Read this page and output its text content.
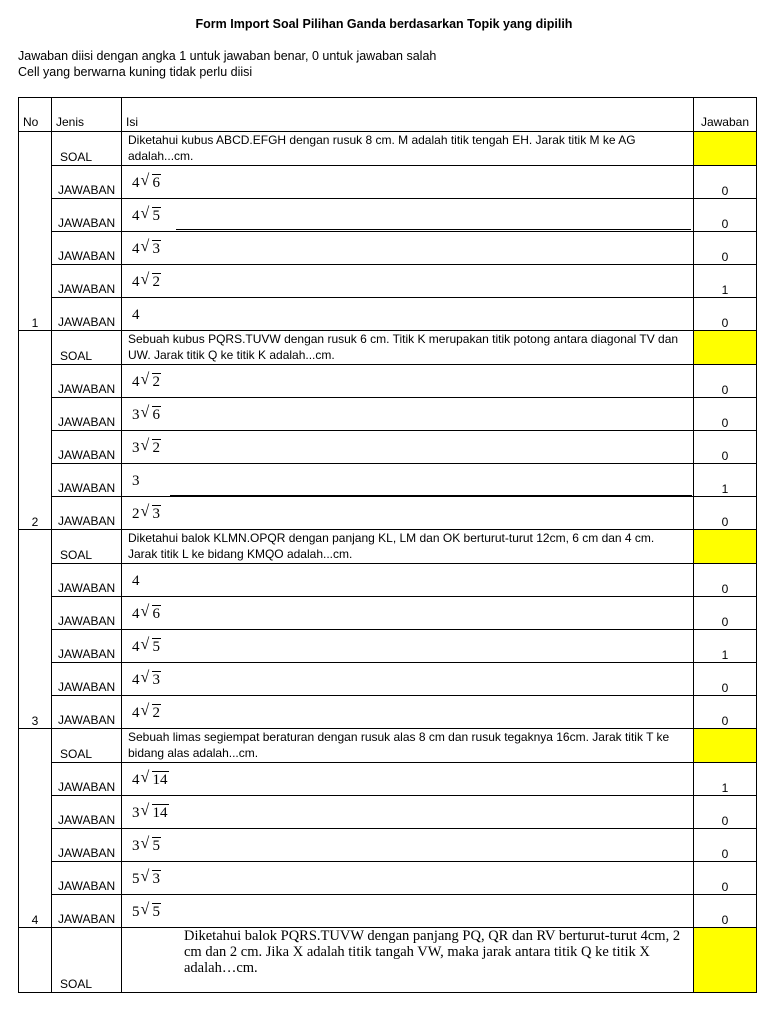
Form Import Soal Pilihan Ganda berdasarkan Topik yang dipilih
Jawaban diisi dengan angka 1 untuk jawaban benar, 0 untuk jawaban salah
Cell yang berwarna kuning tidak perlu diisi
No	Jenis	Isi	Jawaban

1	SOAL	Diketahui kubus ABCD.EFGH dengan rusuk 8 cm. M adalah titik tengah EH. Jarak titik M ke AG adalah...cm.	

	JAWABAN	4 √ 6	0

	JAWABAN	4 √ 5	0

	JAWABAN	4 √ 3	0

	JAWABAN	4 √ 2	1

	JAWABAN	4	0
2	SOAL	Sebuah kubus PQRS.TUVW dengan rusuk 6 cm. Titik K merupakan titik potong antara diagonal TV dan UW. Jarak titik Q ke titik K adalah...cm.	

	JAWABAN	4 √ 2	0

	JAWABAN	3 √ 6	0

	JAWABAN	3 √ 2	0

	JAWABAN	3	1

	JAWABAN	2 √ 3	0
3	SOAL	Diketahui balok KLMN.OPQR dengan panjang KL, LM dan OK berturut-turut 12cm, 6 cm dan 4 cm. Jarak titik L ke bidang KMQO adalah...cm.	

	JAWABAN	4	0

	JAWABAN	4 √ 6	0

	JAWABAN	4 √ 5	1

	JAWABAN	4 √ 3	0

	JAWABAN	4 √ 2	0
4	SOAL	Sebuah limas segiempat beraturan dengan rusuk alas 8 cm dan rusuk tegaknya 16cm. Jarak titik T ke bidang alas adalah...cm.	

	JAWABAN	4 √ 14	1

	JAWABAN	3 √ 14	0

	JAWABAN	3 √ 5	0

	JAWABAN	5 √ 3	0

	JAWABAN	5 √ 5	0

	SOAL	Diketahui balok PQRS.TUVW dengan panjang PQ, QR dan RV berturut-turut 4cm, 2 cm dan 2 cm. Jika X adalah titik tangah VW, maka jarak antara titik Q ke titik X adalah…cm.	
